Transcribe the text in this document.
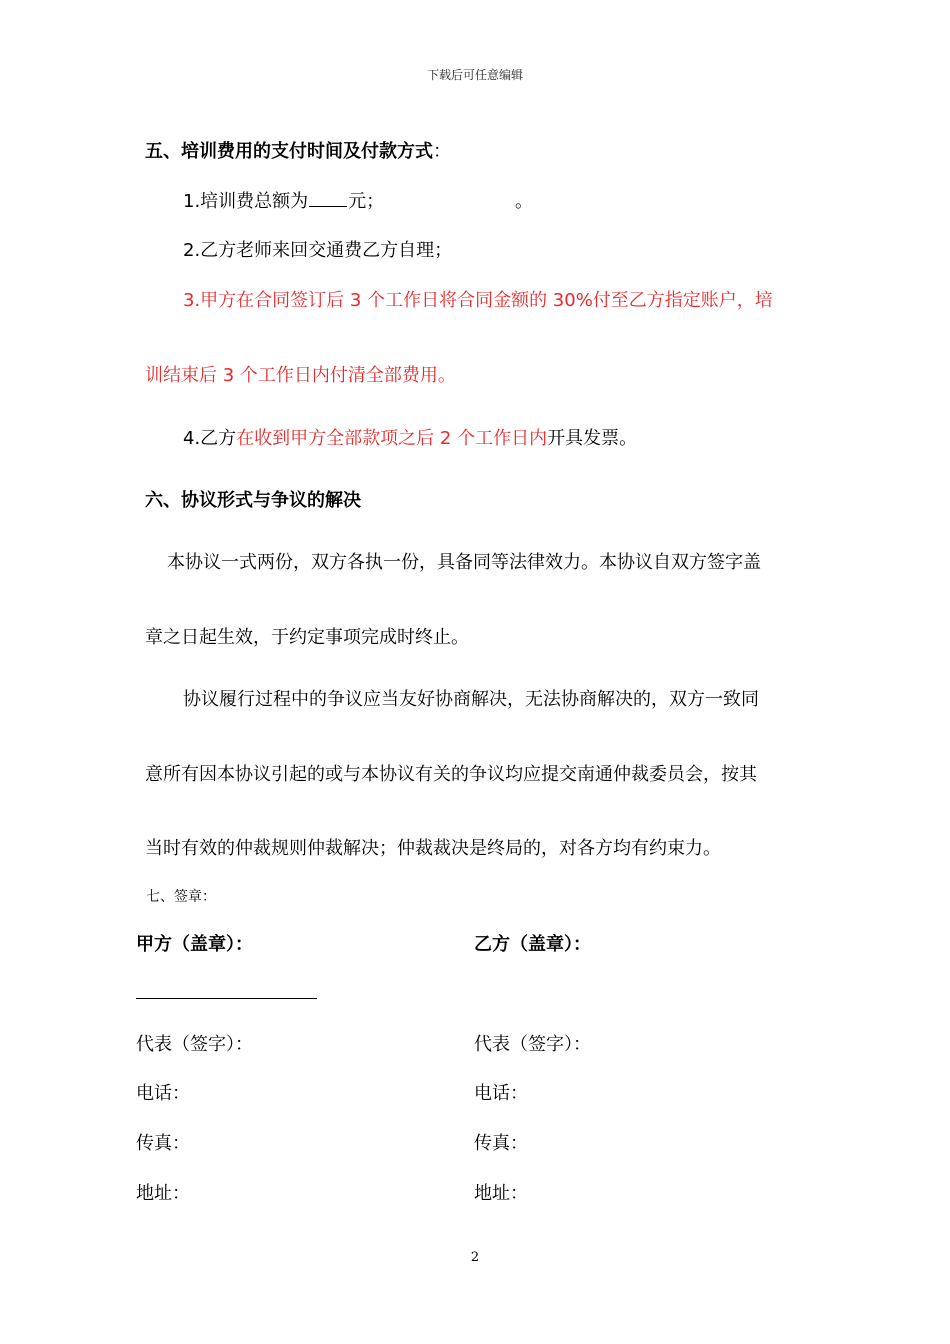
下载后可任意编辑
五、培训费用的支付时间及付款方式：
1.培训费总额为 元；	。
2.乙方老师来回交通费乙方自理；
3.甲方在合同签订后 3 个工作日将合同金额的 30%付至乙方指定账户，培
训结束后 3 个工作日内付清全部费用。
4.乙方在收到甲方全部款项之后 2 个工作日内开具发票。
六、协议形式与争议的解决
本协议一式两份，双方各执一份，具备同等法律效力。本协议自双方签字盖
章之日起生效，于约定事项完成时终止。
协议履行过程中的争议应当友好协商解决，无法协商解决的，双方一致同
意所有因本协议引起的或与本协议有关的争议均应提交南通仲裁委员会，按其
当时有效的仲裁规则仲裁解决；仲裁裁决是终局的，对各方均有约束力。
七、签章：
甲方（盖章）：	乙方（盖章）：
代表（签字）：	代表（签字）：
电话：	电话：
传真：	传真：
地址：	地址：
2
